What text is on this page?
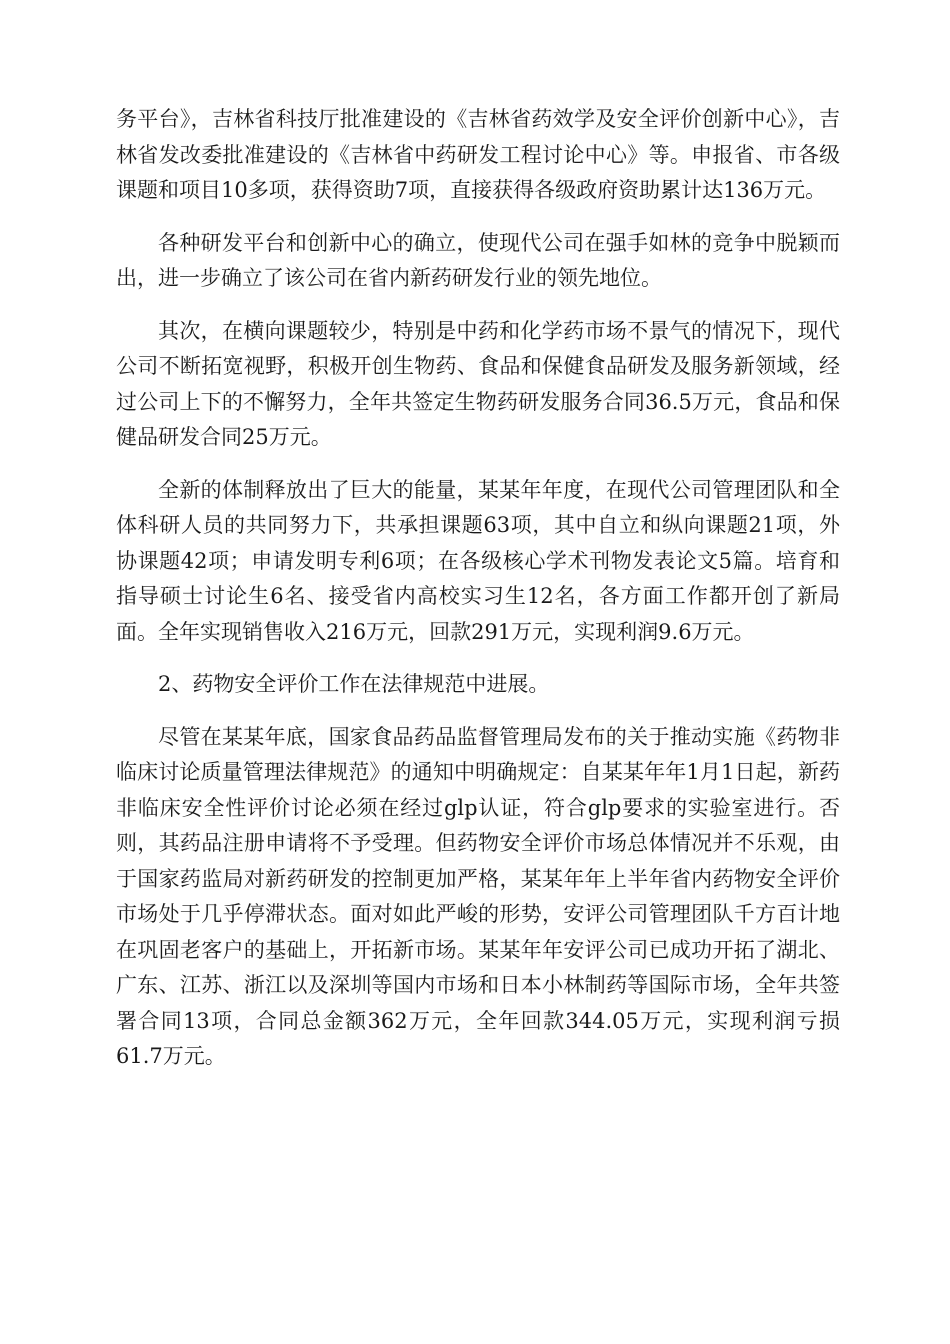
务平台》，吉林省科技厅批准建设的《吉林省药效学及安全评价创新中心》，吉林省发改委批准建设的《吉林省中药研发工程讨论中心》等。申报省、市各级课题和项目10多项，获得资助7项，直接获得各级政府资助累计达136万元。

各种研发平台和创新中心的确立，使现代公司在强手如林的竞争中脱颖而出，进一步确立了该公司在省内新药研发行业的领先地位。

其次，在横向课题较少，特别是中药和化学药市场不景气的情况下，现代公司不断拓宽视野，积极开创生物药、食品和保健食品研发及服务新领域，经过公司上下的不懈努力，全年共签定生物药研发服务合同36.5万元，食品和保健品研发合同25万元。

全新的体制释放出了巨大的能量，某某年年度，在现代公司管理团队和全体科研人员的共同努力下，共承担课题63项，其中自立和纵向课题21项，外协课题42项；申请发明专利6项；在各级核心学术刊物发表论文5篇。培育和指导硕士讨论生6名、接受省内高校实习生12名，各方面工作都开创了新局面。全年实现销售收入216万元，回款291万元，实现利润9.6万元。

2、药物安全评价工作在法律规范中进展。

尽管在某某年底，国家食品药品监督管理局发布的关于推动实施《药物非临床讨论质量管理法律规范》的通知中明确规定：自某某年年1月1日起，新药非临床安全性评价讨论必须在经过glp认证，符合glp要求的实验室进行。否则，其药品注册申请将不予受理。但药物安全评价市场总体情况并不乐观，由于国家药监局对新药研发的控制更加严格，某某年年上半年省内药物安全评价市场处于几乎停滞状态。面对如此严峻的形势，安评公司管理团队千方百计地在巩固老客户的基础上，开拓新市场。某某年年安评公司已成功开拓了湖北、广东、江苏、浙江以及深圳等国内市场和日本小林制药等国际市场，全年共签署合同13项，合同总金额362万元，全年回款344.05万元，实现利润亏损61.7万元。
